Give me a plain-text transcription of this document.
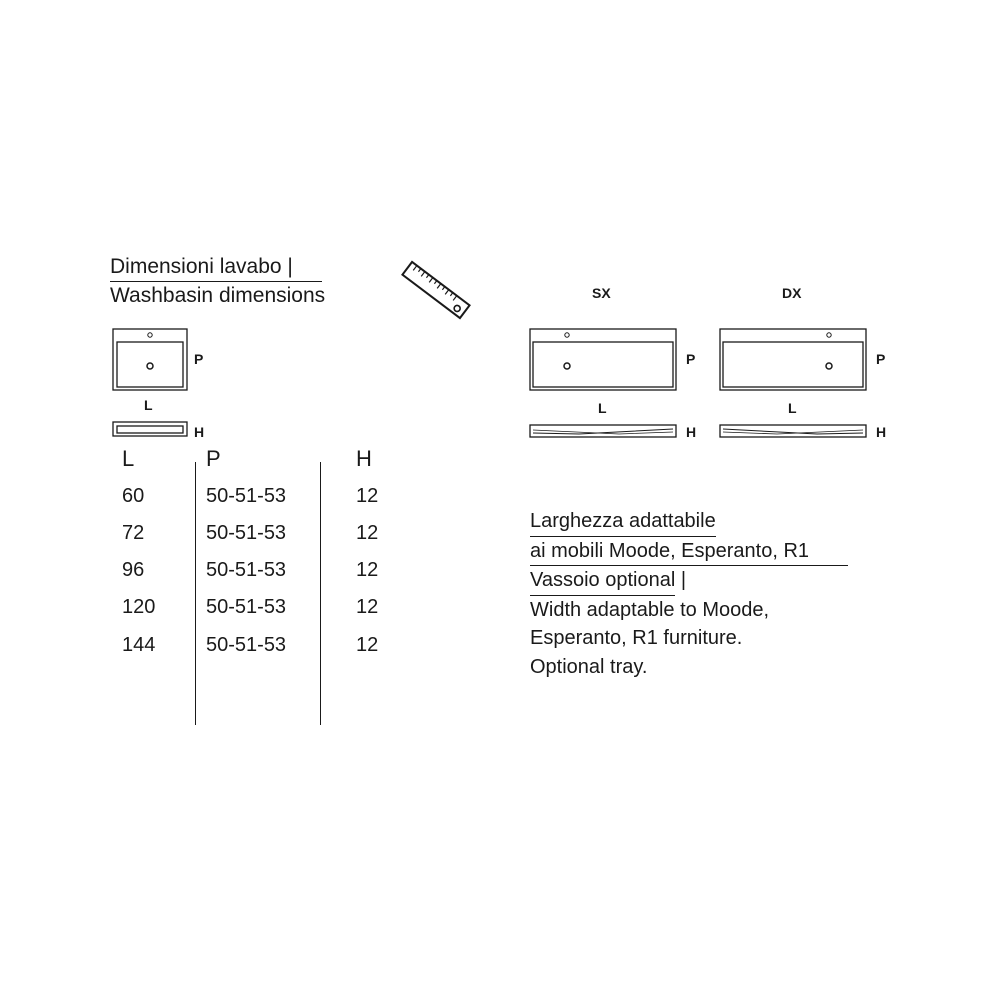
Dimensioni lavabo |
Washbasin dimensions
P
L
H
SX
P
L
H
DX
P
L
H
L	P	H
60	50-51-53	12
72	50-51-53	12
96	50-51-53	12
120	50-51-53	12
144	50-51-53	12
Larghezza adattabile
ai mobili Moode, Esperanto, R1
Vassoio optional |
Width adaptable to Moode,
Esperanto, R1 furniture.
Optional tray.
